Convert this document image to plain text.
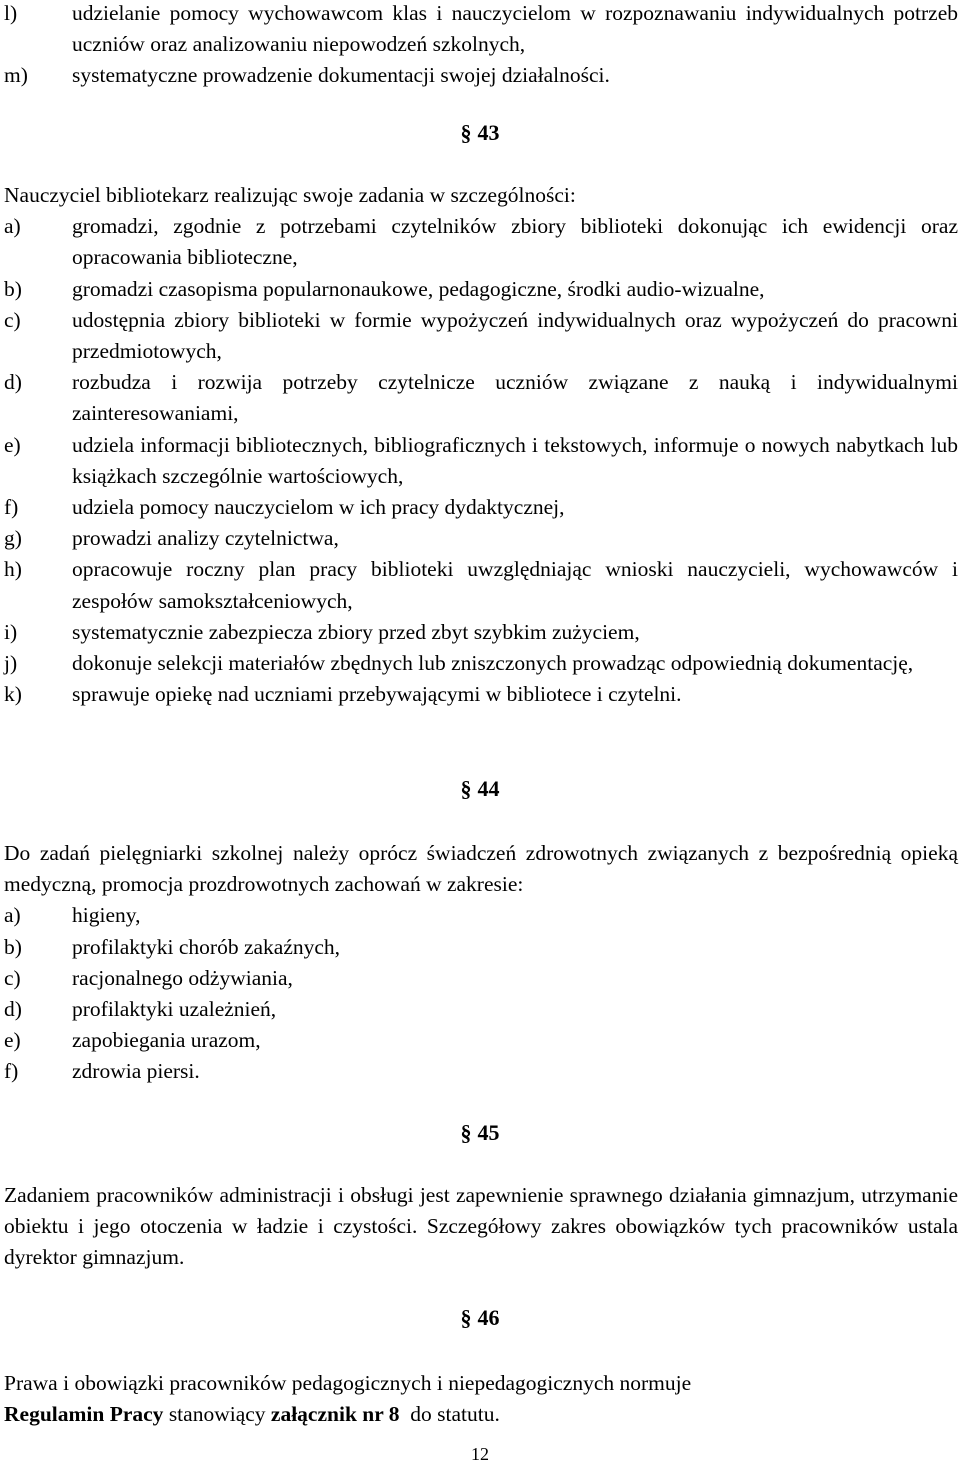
l)	udzielanie pomocy wychowawcom klas i nauczycielom w rozpoznawaniu indywidualnych potrzeb uczniów oraz analizowaniu niepowodzeń szkolnych,
m)	systematyczne prowadzenie dokumentacji swojej działalności.
§ 43
Nauczyciel bibliotekarz realizując swoje zadania w szczególności:
a)	gromadzi, zgodnie z potrzebami czytelników zbiory biblioteki dokonując ich ewidencji oraz opracowania biblioteczne,
b)	gromadzi czasopisma popularnonaukowe, pedagogiczne, środki audio-wizualne,
c)	udostępnia zbiory biblioteki w formie wypożyczeń indywidualnych oraz wypożyczeń do pracowni przedmiotowych,
d)	rozbudza i rozwija potrzeby czytelnicze uczniów związane z nauką i indywidualnymi zainteresowaniami,
e)	udziela informacji bibliotecznych, bibliograficznych i tekstowych, informuje o nowych nabytkach lub książkach szczególnie wartościowych,
f)	udziela pomocy nauczycielom w ich pracy dydaktycznej,
g)	prowadzi analizy czytelnictwa,
h)	opracowuje roczny plan pracy biblioteki uwzględniając wnioski nauczycieli, wychowawców i zespołów samokształceniowych,
i)	systematycznie zabezpiecza zbiory przed zbyt szybkim zużyciem,
j)	dokonuje selekcji materiałów zbędnych lub zniszczonych prowadząc odpowiednią dokumentację,
k)	sprawuje opiekę nad uczniami przebywającymi w bibliotece i czytelni.
§ 44
Do zadań pielęgniarki szkolnej należy oprócz świadczeń zdrowotnych związanych z bezpośrednią opieką medyczną, promocja prozdrowotnych zachowań w zakresie:
a)	higieny,
b)	profilaktyki chorób zakaźnych,
c)	racjonalnego odżywiania,
d)	profilaktyki uzależnień,
e)	zapobiegania urazom,
f)	zdrowia piersi.
§ 45
Zadaniem pracowników administracji i obsługi jest zapewnienie sprawnego działania gimnazjum, utrzymanie obiektu i jego otoczenia w ładzie i czystości. Szczegółowy zakres obowiązków tych pracowników ustala dyrektor gimnazjum.
§ 46
Prawa i obowiązki pracowników pedagogicznych i niepedagogicznych normuje
Regulamin Pracy stanowiący załącznik nr 8  do statutu.
12
